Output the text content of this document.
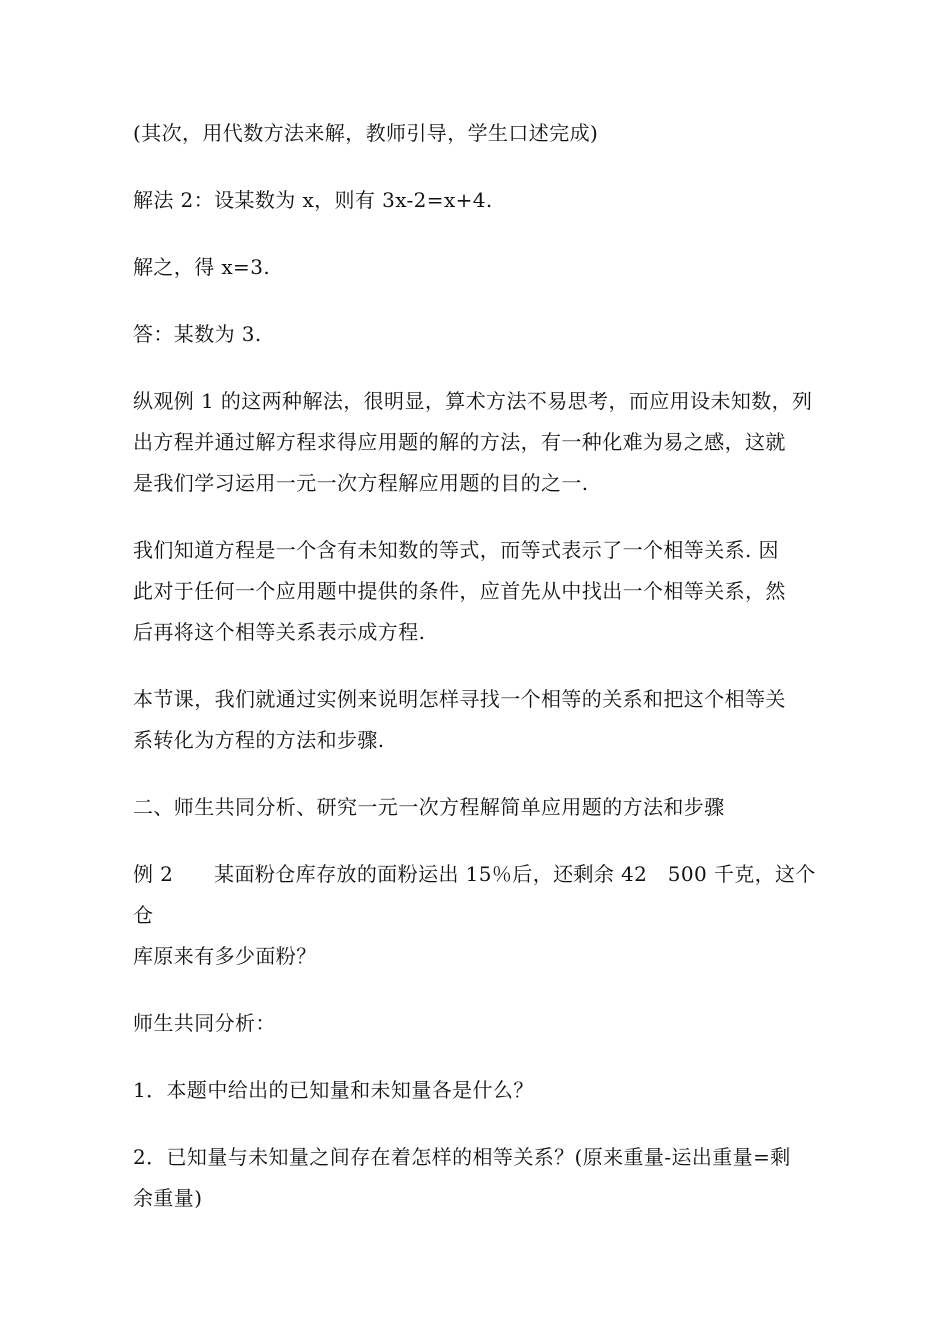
(其次，用代数方法来解，教师引导，学生口述完成)

解法 2：设某数为 x，则有 3x-2=x+4.

解之，得 x=3.

答：某数为 3.

纵观例 1 的这两种解法，很明显，算术方法不易思考，而应用设未知数，列
出方程并通过解方程求得应用题的解的方法，有一种化难为易之感，这就
是我们学习运用一元一次方程解应用题的目的之一.

我们知道方程是一个含有未知数的等式，而等式表示了一个相等关系. 因
此对于任何一个应用题中提供的条件，应首先从中找出一个相等关系，然
后再将这个相等关系表示成方程.

本节课，我们就通过实例来说明怎样寻找一个相等的关系和把这个相等关
系转化为方程的方法和步骤.

二、师生共同分析、研究一元一次方程解简单应用题的方法和步骤

例 2　　某面粉仓库存放的面粉运出 15％后，还剩余 42　500 千克，这个仓
库原来有多少面粉？

师生共同分析：

1．本题中给出的已知量和未知量各是什么？

2．已知量与未知量之间存在着怎样的相等关系？(原来重量-运出重量=剩
余重量)
